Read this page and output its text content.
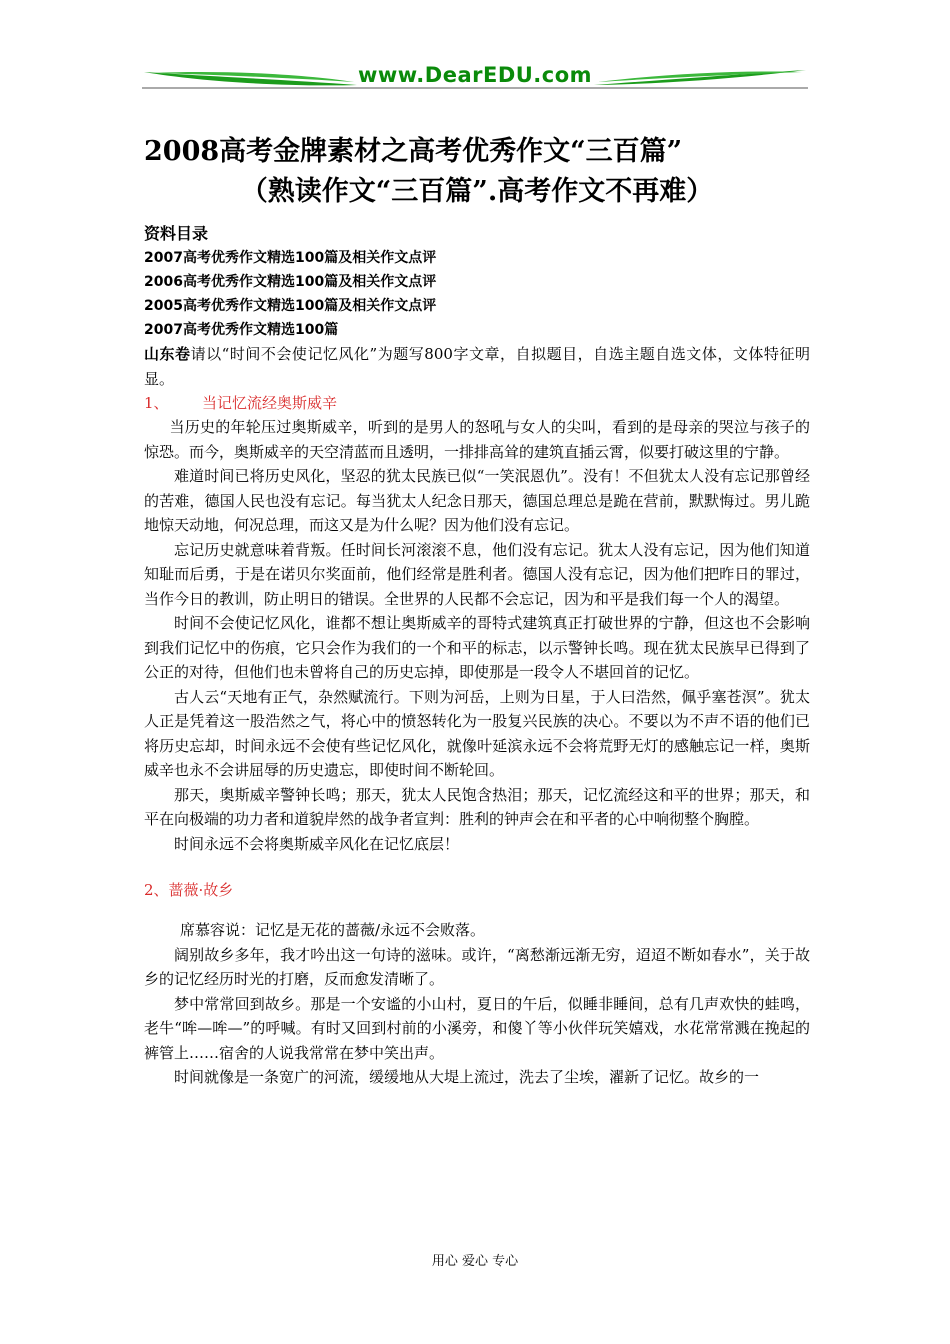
www.DearEDU.com
2008高考金牌素材之高考优秀作文“三百篇”
（熟读作文“三百篇”.高考作文不再难）
资料目录
2007高考优秀作文精选100篇及相关作文点评
2006高考优秀作文精选100篇及相关作文点评
2005高考优秀作文精选100篇及相关作文点评
2007高考优秀作文精选100篇

山东卷请以“时间不会使记忆风化”为题写800字文章，自拟题目，自选主题自选文体，文体特征明显。

1、 当记忆流经奥斯威辛

当历史的年轮压过奥斯威辛，听到的是男人的怒吼与女人的尖叫，看到的是母亲的哭泣与孩子的惊恐。而今，奥斯威辛的天空清蓝而且透明，一排排高耸的建筑直插云霄，似要打破这里的宁静。

难道时间已将历史风化，坚忍的犹太民族已似“一笑泯恩仇”。没有！不但犹太人没有忘记那曾经的苦难，德国人民也没有忘记。每当犹太人纪念日那天，德国总理总是跪在营前，默默悔过。男儿跪地惊天动地，何况总理，而这又是为什么呢？因为他们没有忘记。

忘记历史就意味着背叛。任时间长河滚滚不息，他们没有忘记。犹太人没有忘记，因为他们知道知耻而后勇，于是在诺贝尔奖面前，他们经常是胜利者。德国人没有忘记，因为他们把昨日的罪过，当作今日的教训，防止明日的错误。全世界的人民都不会忘记，因为和平是我们每一个人的渴望。

时间不会使记忆风化，谁都不想让奥斯威辛的哥特式建筑真正打破世界的宁静，但这也不会影响到我们记忆中的伤痕，它只会作为我们的一个和平的标志，以示警钟长鸣。现在犹太民族早已得到了公正的对待，但他们也未曾将自己的历史忘掉，即使那是一段令人不堪回首的记忆。

古人云“天地有正气，杂然赋流行。下则为河岳，上则为日星，于人曰浩然，佩乎塞苍溟”。犹太人正是凭着这一股浩然之气，将心中的愤怒转化为一股复兴民族的决心。不要以为不声不语的他们已将历史忘却，时间永远不会使有些记忆风化，就像叶延滨永远不会将荒野无灯的感触忘记一样，奥斯威辛也永不会讲屈辱的历史遗忘，即使时间不断轮回。

那天，奥斯威辛警钟长鸣；那天，犹太人民饱含热泪；那天，记忆流经这和平的世界；那天，和平在向极端的功力者和道貌岸然的战争者宣判：胜利的钟声会在和平者的心中响彻整个胸膛。

时间永远不会将奥斯威辛风化在记忆底层！

2、蔷薇·故乡

席慕容说：记忆是无花的蔷薇/永远不会败落。

阔别故乡多年，我才吟出这一句诗的滋味。或许，“离愁渐远渐无穷，迢迢不断如春水”，关于故乡的记忆经历时光的打磨，反而愈发清晰了。

梦中常常回到故乡。那是一个安谧的小山村，夏日的午后，似睡非睡间，总有几声欢快的蛙鸣，老牛“哞—哞—”的呼喊。有时又回到村前的小溪旁，和傻丫等小伙伴玩笑嬉戏，水花常常溅在挽起的裤管上……宿舍的人说我常常在梦中笑出声。

时间就像是一条宽广的河流，缓缓地从大堤上流过，洗去了尘埃，濯新了记忆。故乡的一

用心 爱心 专心
